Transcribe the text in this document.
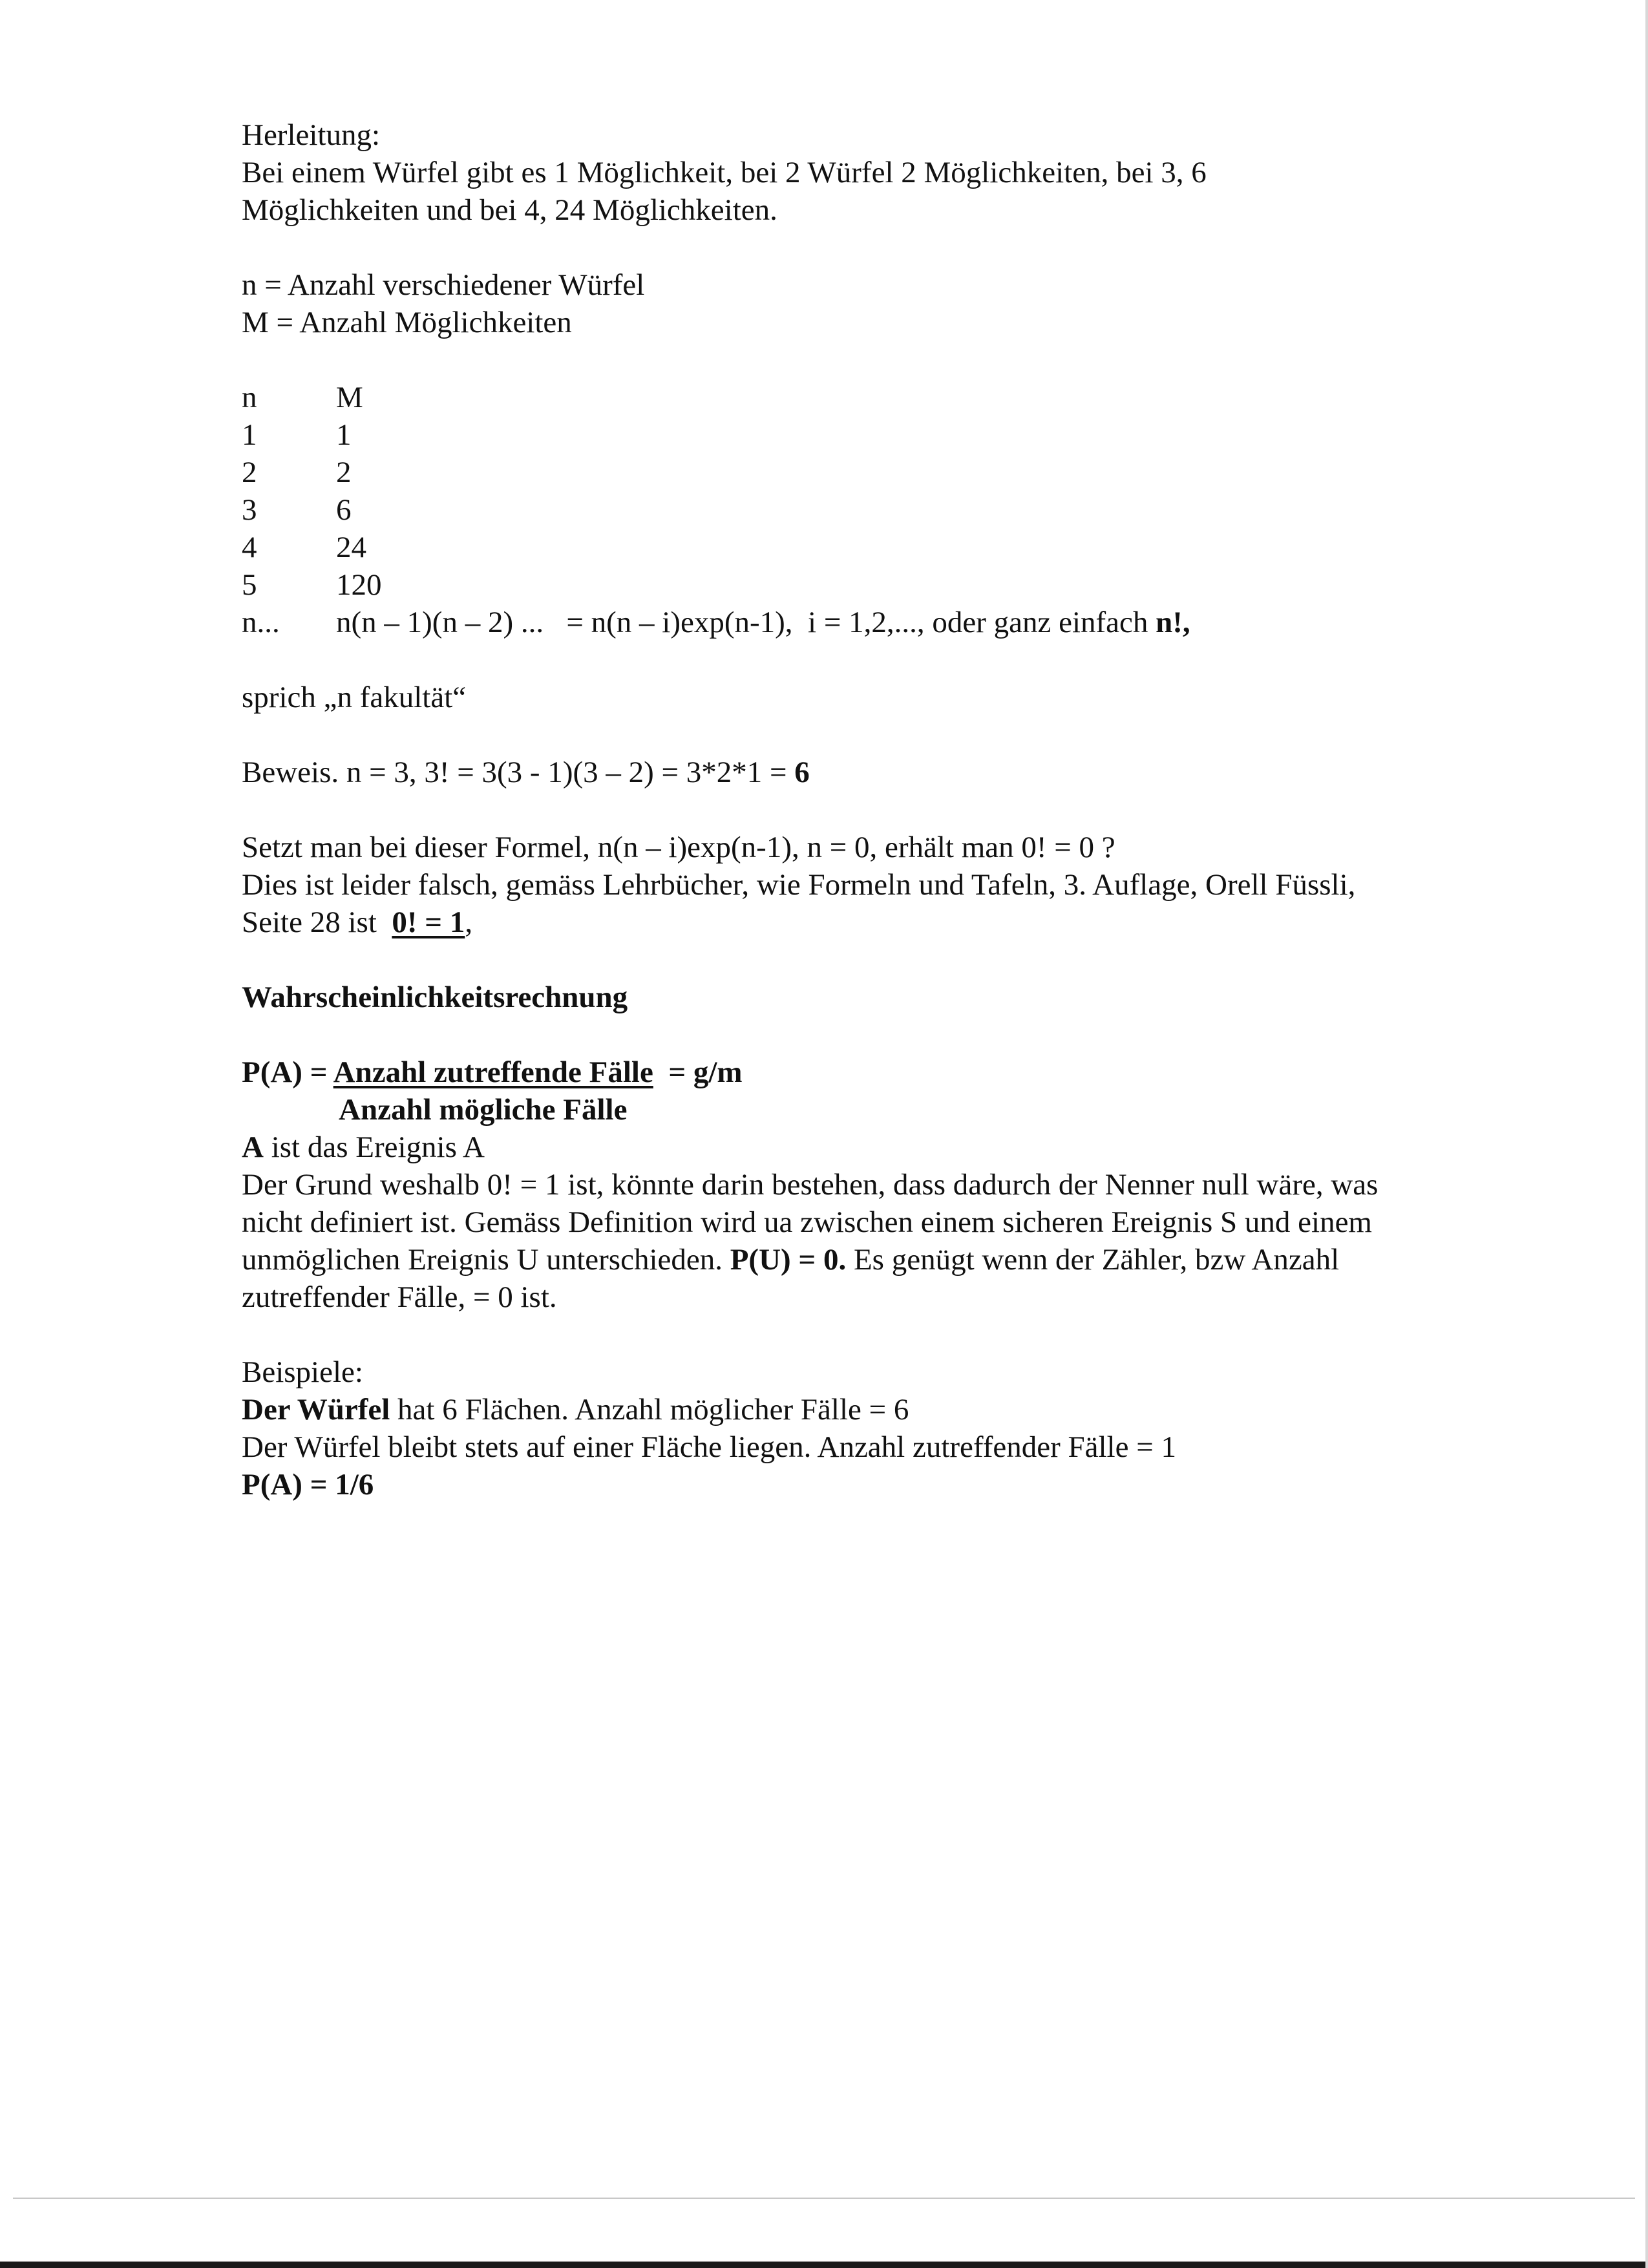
Herleitung:
Bei einem Würfel gibt es 1 Möglichkeit, bei 2 Würfel 2 Möglichkeiten, bei 3, 6
Möglichkeiten und bei 4, 24 Möglichkeiten.
n = Anzahl verschiedener Würfel
M = Anzahl Möglichkeiten
n	M
1	1
2	2
3	6
4	24
5	120
n...	n(n – 1)(n – 2) ...   = n(n – i)exp(n-1),  i = 1,2,..., oder ganz einfach n!,
sprich „n fakultät“
Beweis. n = 3, 3! = 3(3 - 1)(3 – 2) = 3*2*1 = 6
Setzt man bei dieser Formel, n(n – i)exp(n-1), n = 0, erhält man 0! = 0 ?
Dies ist leider falsch, gemäss Lehrbücher, wie Formeln und Tafeln, 3. Auflage, Orell Füssli,
Seite 28 ist  0! = 1,
Wahrscheinlichkeitsrechnung
P(A) = Anzahl zutreffende Fälle  = g/m
Anzahl mögliche Fälle
A ist das Ereignis A
Der Grund weshalb 0! = 1 ist, könnte darin bestehen, dass dadurch der Nenner null wäre, was
nicht definiert ist. Gemäss Definition wird ua zwischen einem sicheren Ereignis S und einem
unmöglichen Ereignis U unterschieden. P(U) = 0. Es genügt wenn der Zähler, bzw Anzahl
zutreffender Fälle, = 0 ist.
Beispiele:
Der Würfel hat 6 Flächen. Anzahl möglicher Fälle = 6
Der Würfel bleibt stets auf einer Fläche liegen. Anzahl zutreffender Fälle = 1
P(A) = 1/6
